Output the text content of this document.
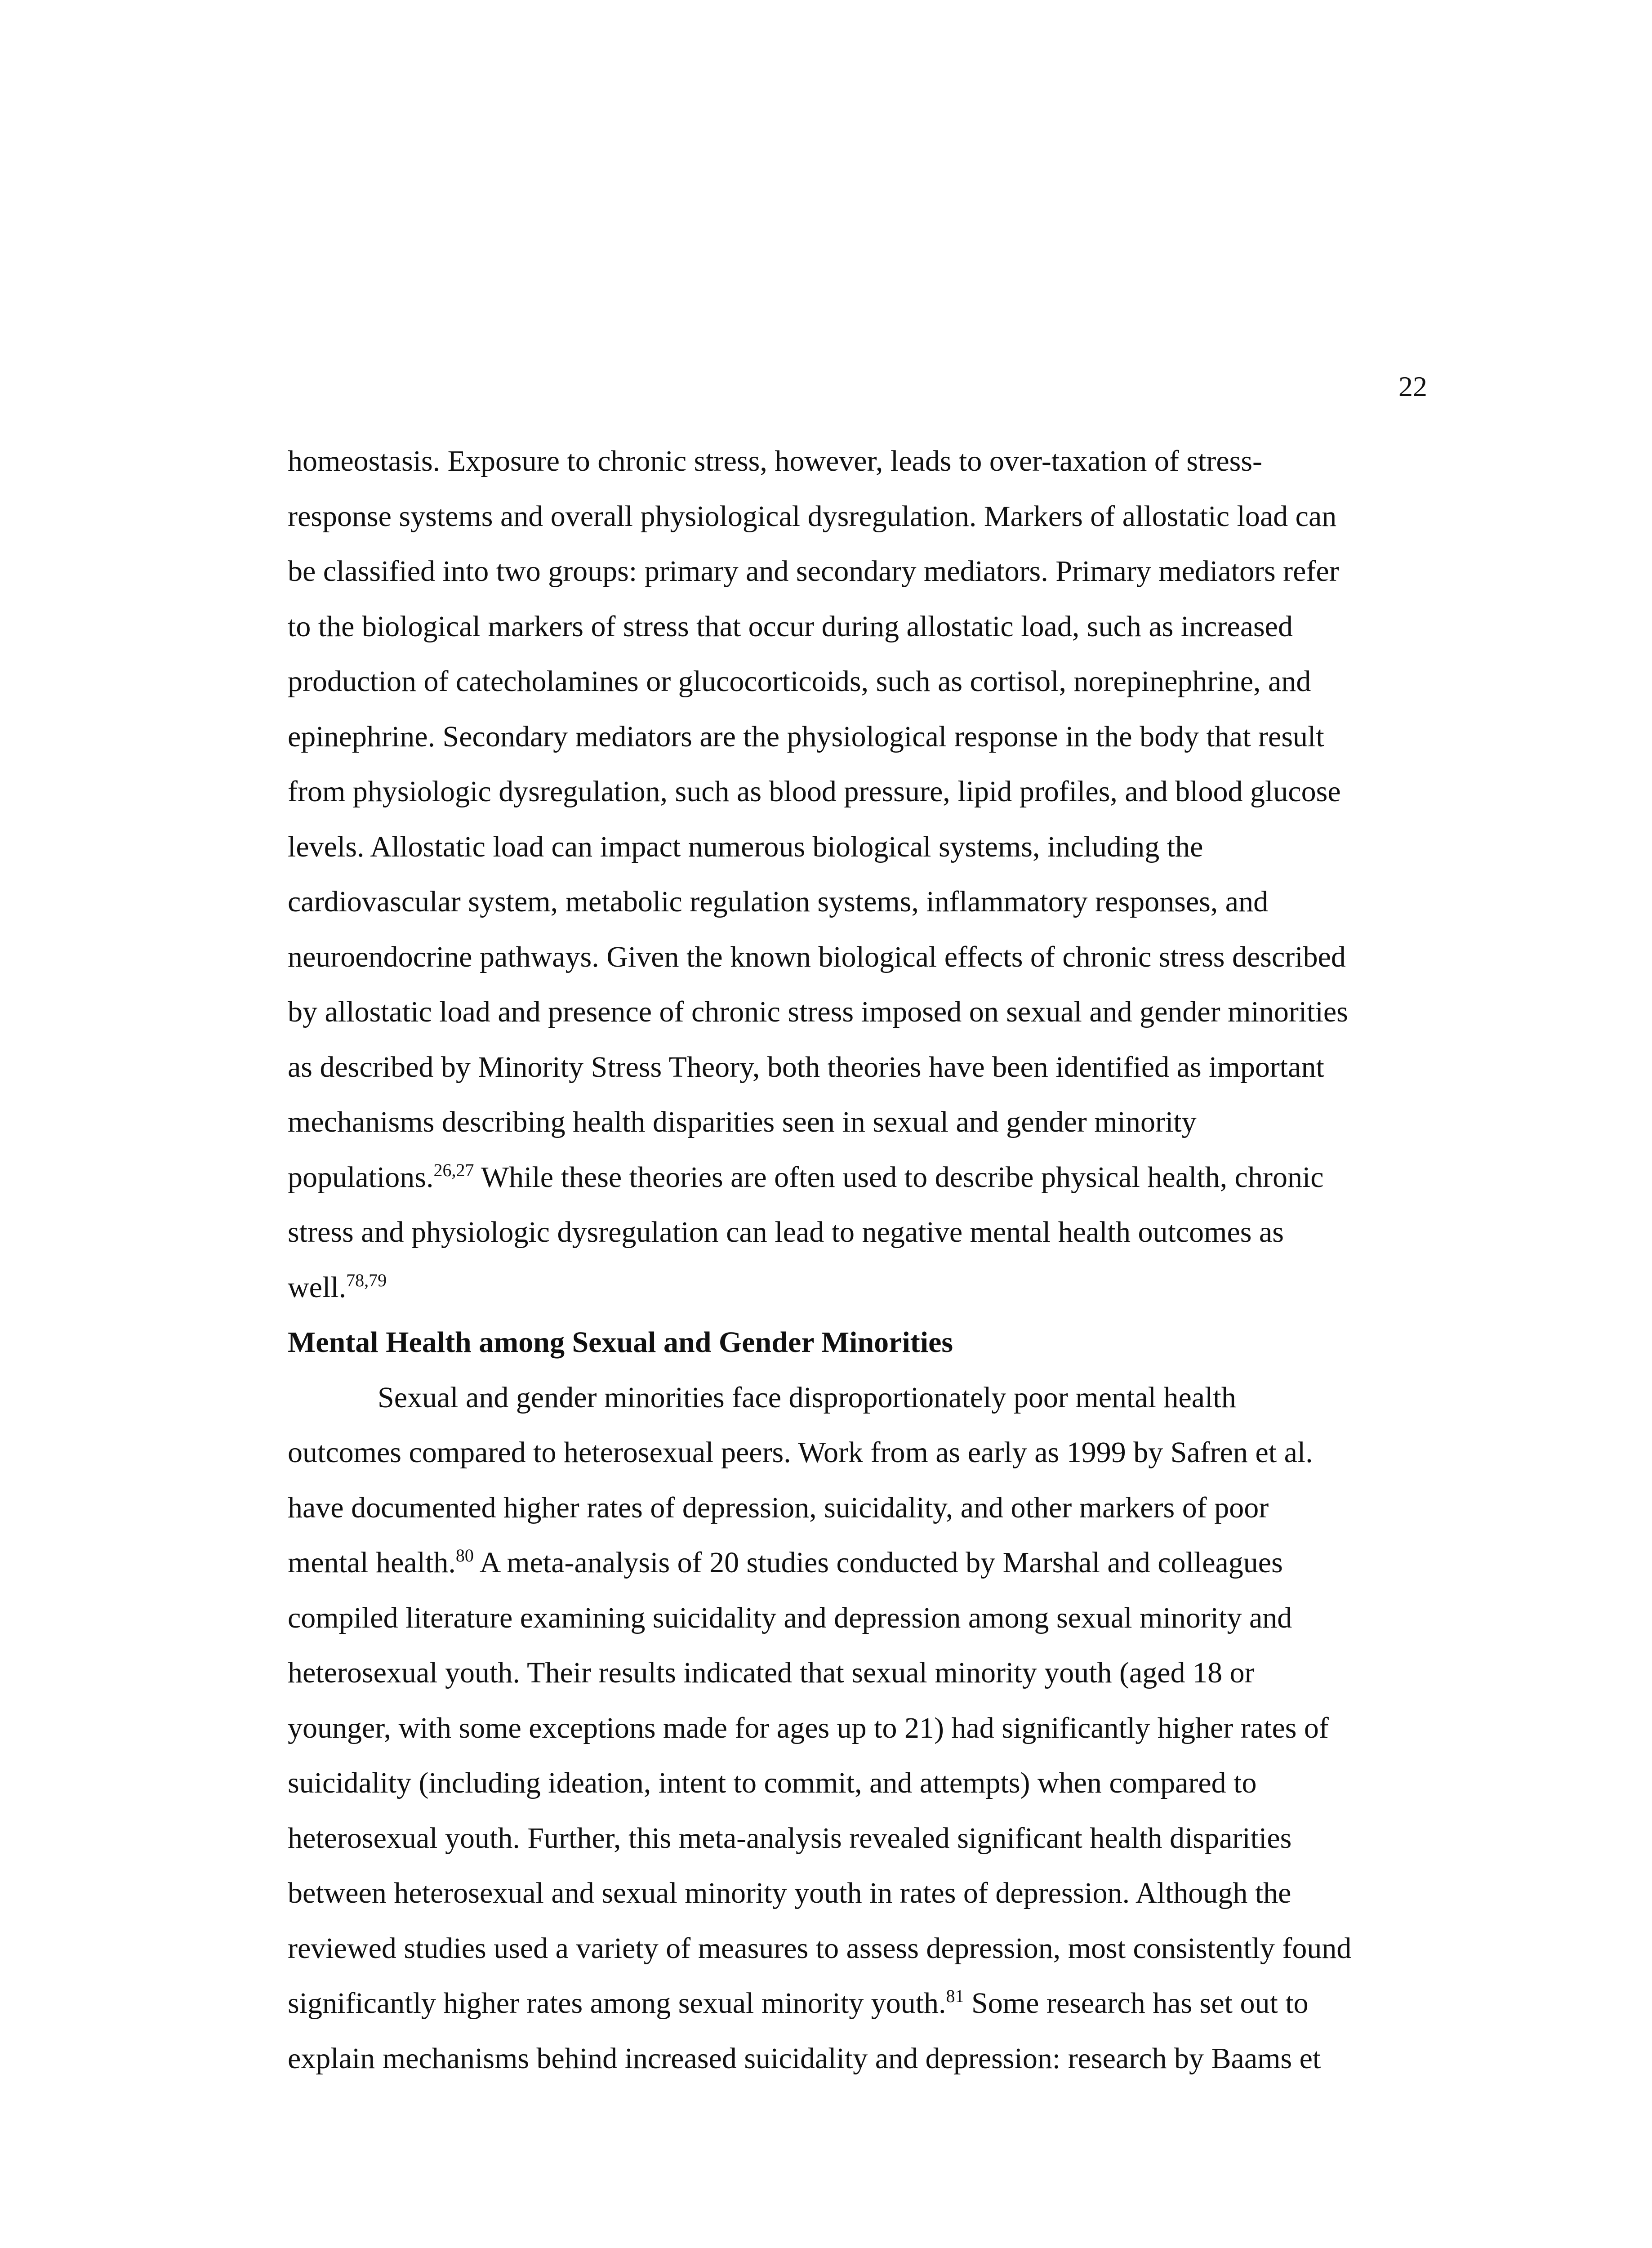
22
homeostasis. Exposure to chronic stress, however, leads to over-taxation of stress-
response systems and overall physiological dysregulation. Markers of allostatic load can
be classified into two groups: primary and secondary mediators. Primary mediators refer
to the biological markers of stress that occur during allostatic load, such as increased
production of catecholamines or glucocorticoids, such as cortisol, norepinephrine, and
epinephrine. Secondary mediators are the physiological response in the body that result
from physiologic dysregulation, such as blood pressure, lipid profiles, and blood glucose
levels. Allostatic load can impact numerous biological systems, including the
cardiovascular system, metabolic regulation systems, inflammatory responses, and
neuroendocrine pathways. Given the known biological effects of chronic stress described
by allostatic load and presence of chronic stress imposed on sexual and gender minorities
as described by Minority Stress Theory, both theories have been identified as important
mechanisms describing health disparities seen in sexual and gender minority
populations.$^{26,27}$ While these theories are often used to describe physical health, chronic
stress and physiologic dysregulation can lead to negative mental health outcomes as
well.$^{78,79}$
Mental Health among Sexual and Gender Minorities
Sexual and gender minorities face disproportionately poor mental health
outcomes compared to heterosexual peers. Work from as early as 1999 by Safren et al.
have documented higher rates of depression, suicidality, and other markers of poor
mental health.$^{80}$ A meta-analysis of 20 studies conducted by Marshal and colleagues
compiled literature examining suicidality and depression among sexual minority and
heterosexual youth. Their results indicated that sexual minority youth (aged 18 or
younger, with some exceptions made for ages up to 21) had significantly higher rates of
suicidality (including ideation, intent to commit, and attempts) when compared to
heterosexual youth. Further, this meta-analysis revealed significant health disparities
between heterosexual and sexual minority youth in rates of depression. Although the
reviewed studies used a variety of measures to assess depression, most consistently found
significantly higher rates among sexual minority youth.$^{81}$ Some research has set out to
explain mechanisms behind increased suicidality and depression: research by Baams et
